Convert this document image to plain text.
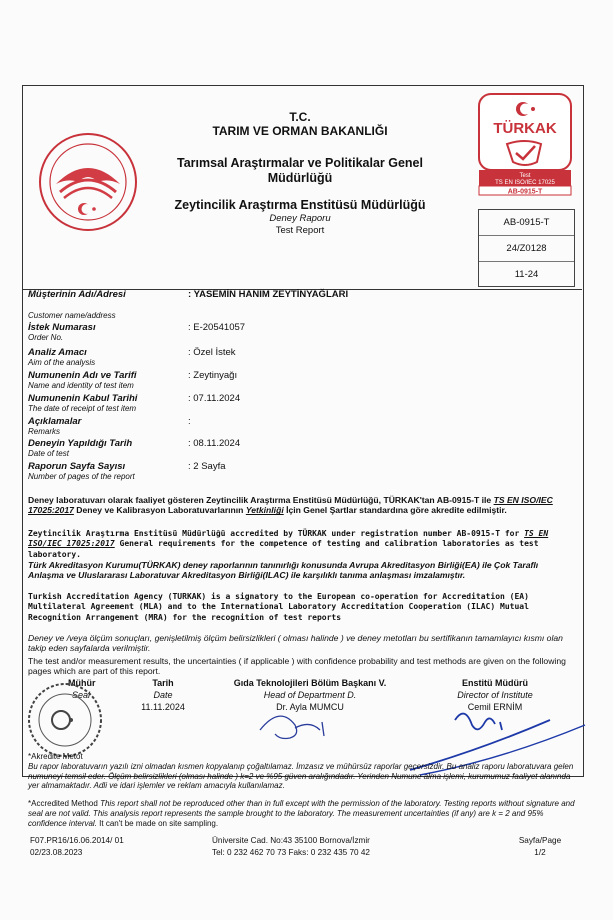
TÜRKAK
Test
TS EN ISO/IEC 17025
AB-0915-T
T.C.
TARIM VE ORMAN BAKANLIĞI
Tarımsal Araştırmalar ve Politikalar Genel Müdürlüğü
Zeytincilik Araştırma Enstitüsü Müdürlüğü
Deney Raporu
Test Report
AB-0915-T
24/Z0128
11-24
Müşterinin Adı/Adresi
Customer name/address
: YASEMİN HANIM ZEYTİNYAĞLARI
İstek Numarası
Order No.
: E-20541057
Analiz Amacı
Aim of the analysis
: Özel İstek
Numunenin Adı ve Tarifi
Name and identity of test item
: Zeytinyağı
Numunenin Kabul Tarihi
The date of receipt of test item
: 07.11.2024
Açıklamalar
Remarks
:
Deneyin Yapıldığı Tarih
Date of test
: 08.11.2024
Raporun Sayfa Sayısı
Number of pages of the report
: 2 Sayfa
Deney laboratuvarı olarak faaliyet gösteren Zeytincilik Araştırma Enstitüsü Müdürlüğü, TÜRKAK'tan AB-0915-T ile TS EN ISO/IEC 17025:2017 Deney ve Kalibrasyon Laboratuvarlarının Yetkinliği İçin Genel Şartlar standardına göre akredite edilmiştir.
Zeytincilik Araştırma Enstitüsü Müdürlüğü accredited by TÜRKAK under registration number AB-0915-T for TS EN ISO/IEC 17025:2017 General requirements for the competence of testing and calibration laboratories as test laboratory.
Türk Akreditasyon Kurumu(TÜRKAK) deney raporlarının tanınırlığı konusunda Avrupa Akreditasyon Birliği(EA) ile Çok Taraflı Anlaşma ve Uluslararası Laboratuvar Akreditasyon Birliği(ILAC) ile karşılıklı tanıma anlaşması imzalamıştır.
Turkish Accreditation Agency (TURKAK) is a signatory to the European co-operation for Accreditation (EA) Multilateral Agreement (MLA) and to the International Laboratory Accreditation Cooperation (ILAC) Mutual Recognition Arrangement (MRA) for the recognition of test reports
Deney ve /veya ölçüm sonuçları, genişletilmiş ölçüm belirsizlikleri ( olması halinde ) ve deney metotları bu sertifikanın tamamlayıcı kısmı olan takip eden sayfalarda verilmiştir.
The test and/or measurement results, the uncertainties ( if applicable ) with confidence probability and test methods are given on the following pages which are part of this report.
Mühür
Seal
Tarih
Date
11.11.2024
Gıda Teknolojileri Bölüm Başkanı V.
Head of Department D.
Dr. Ayla MUMCU
Enstitü Müdürü
Director of Institute
Cemil ERNİM
*Akredite Metot
Bu rapor laboratuvarın yazılı izni olmadan kısmen kopyalanıp çoğaltılamaz. İmzasız ve mühürsüz raporlar geçersizdir. Bu analiz raporu laboratuvara gelen numuneyi temsil eder. Ölçüm belirsizlikleri (olması halinde ) k=2 ve %95 güven aralığındadır. Yerinden Numune alma işlemi, kurumumuz faaliyet alanında yer almamaktadır. Adli ve idari işlemler ve reklam amacıyla kullanılamaz.
*Accredited Method This report shall not be reproduced other than in full except with the permission of the laboratory. Testing reports without signature and seal are not valid. This analysis report represents the sample brought to the laboratory. The measurement uncertainties (if any) are k = 2 and 95% confidence interval. It can't be made on site sampling.
F07.PR16/16.06.2014/ 01
02/23.08.2023
Üniversite Cad. No:43 35100 Bornova/İzmir
Tel: 0 232 462 70 73 Faks: 0 232 435 70 42
Sayfa/Page
1/2
